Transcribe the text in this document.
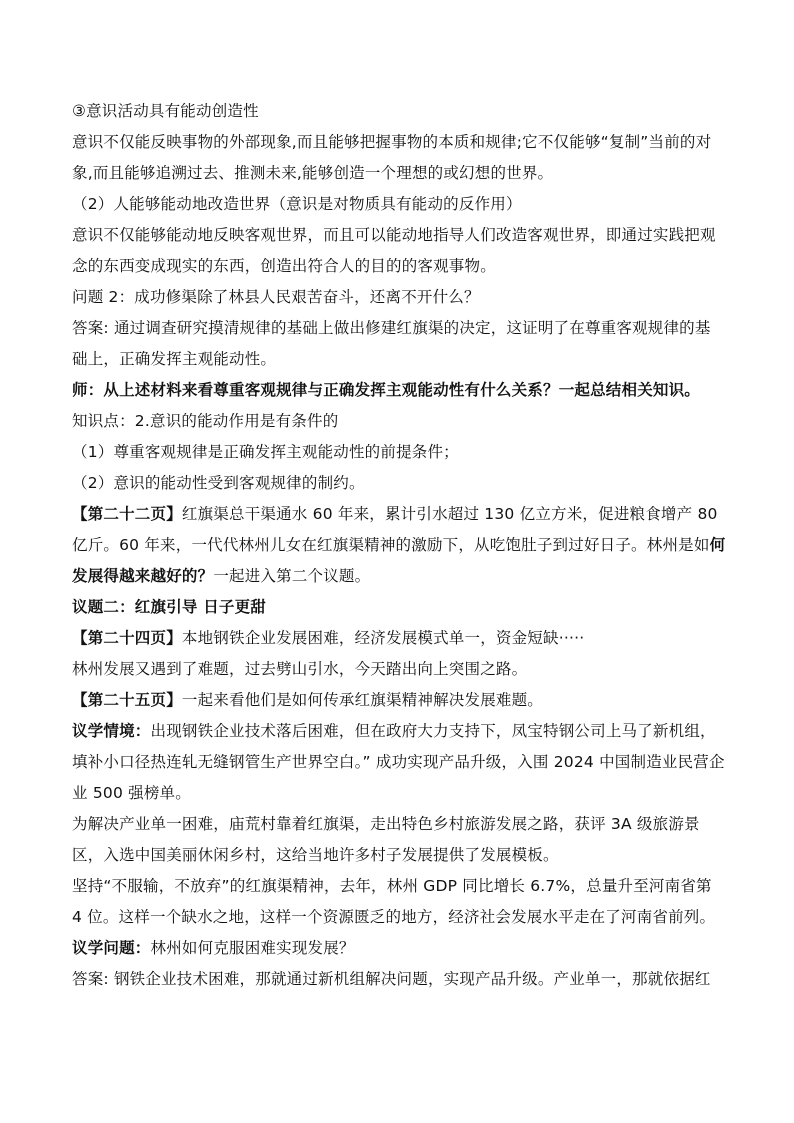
③意识活动具有能动创造性

意识不仅能反映事物的外部现象,而且能够把握事物的本质和规律;它不仅能够“复制”当前的对象,而且能够追溯过去、推测未来,能够创造一个理想的或幻想的世界。

（2）人能够能动地改造世界（意识是对物质具有能动的反作用）

意识不仅能够能动地反映客观世界，而且可以能动地指导人们改造客观世界，即通过实践把观念的东西变成现实的东西，创造出符合人的目的的客观事物。

问题 2：成功修渠除了林县人民艰苦奋斗，还离不开什么？

答案: 通过调查研究摸清规律的基础上做出修建红旗渠的决定，这证明了在尊重客观规律的基础上，正确发挥主观能动性。

师：从上述材料来看尊重客观规律与正确发挥主观能动性有什么关系？一起总结相关知识。

知识点：2.意识的能动作用是有条件的

（1）尊重客观规律是正确发挥主观能动性的前提条件；

（2）意识的能动性受到客观规律的制约。

【第二十二页】红旗渠总干渠通水 60 年来，累计引水超过 130 亿立方米，促进粮食增产 80 亿斤。60 年来，一代代林州儿女在红旗渠精神的激励下，从吃饱肚子到过好日子。林州是如何发展得越来越好的？一起进入第二个议题。

议题二：红旗引导 日子更甜

【第二十四页】本地钢铁企业发展困难，经济发展模式单一，资金短缺·····

林州发展又遇到了难题，过去劈山引水，今天踏出向上突围之路。

【第二十五页】一起来看他们是如何传承红旗渠精神解决发展难题。

议学情境：出现钢铁企业技术落后困难，但在政府大力支持下，凤宝特钢公司上马了新机组，填补小口径热连轧无缝钢管生产世界空白。” 成功实现产品升级，入围 2024 中国制造业民营企业 500 强榜单。

为解决产业单一困难，庙荒村靠着红旗渠，走出特色乡村旅游发展之路，获评 3A 级旅游景区，入选中国美丽休闲乡村，这给当地许多村子发展提供了发展模板。

坚持“不服输，不放弃”的红旗渠精神，去年，林州 GDP 同比增长 6.7%，总量升至河南省第 4 位。这样一个缺水之地，这样一个资源匮乏的地方，经济社会发展水平走在了河南省前列。议学问题：林州如何克服困难实现发展？

答案: 钢铁企业技术困难，那就通过新机组解决问题，实现产品升级。产业单一，那就依据红
